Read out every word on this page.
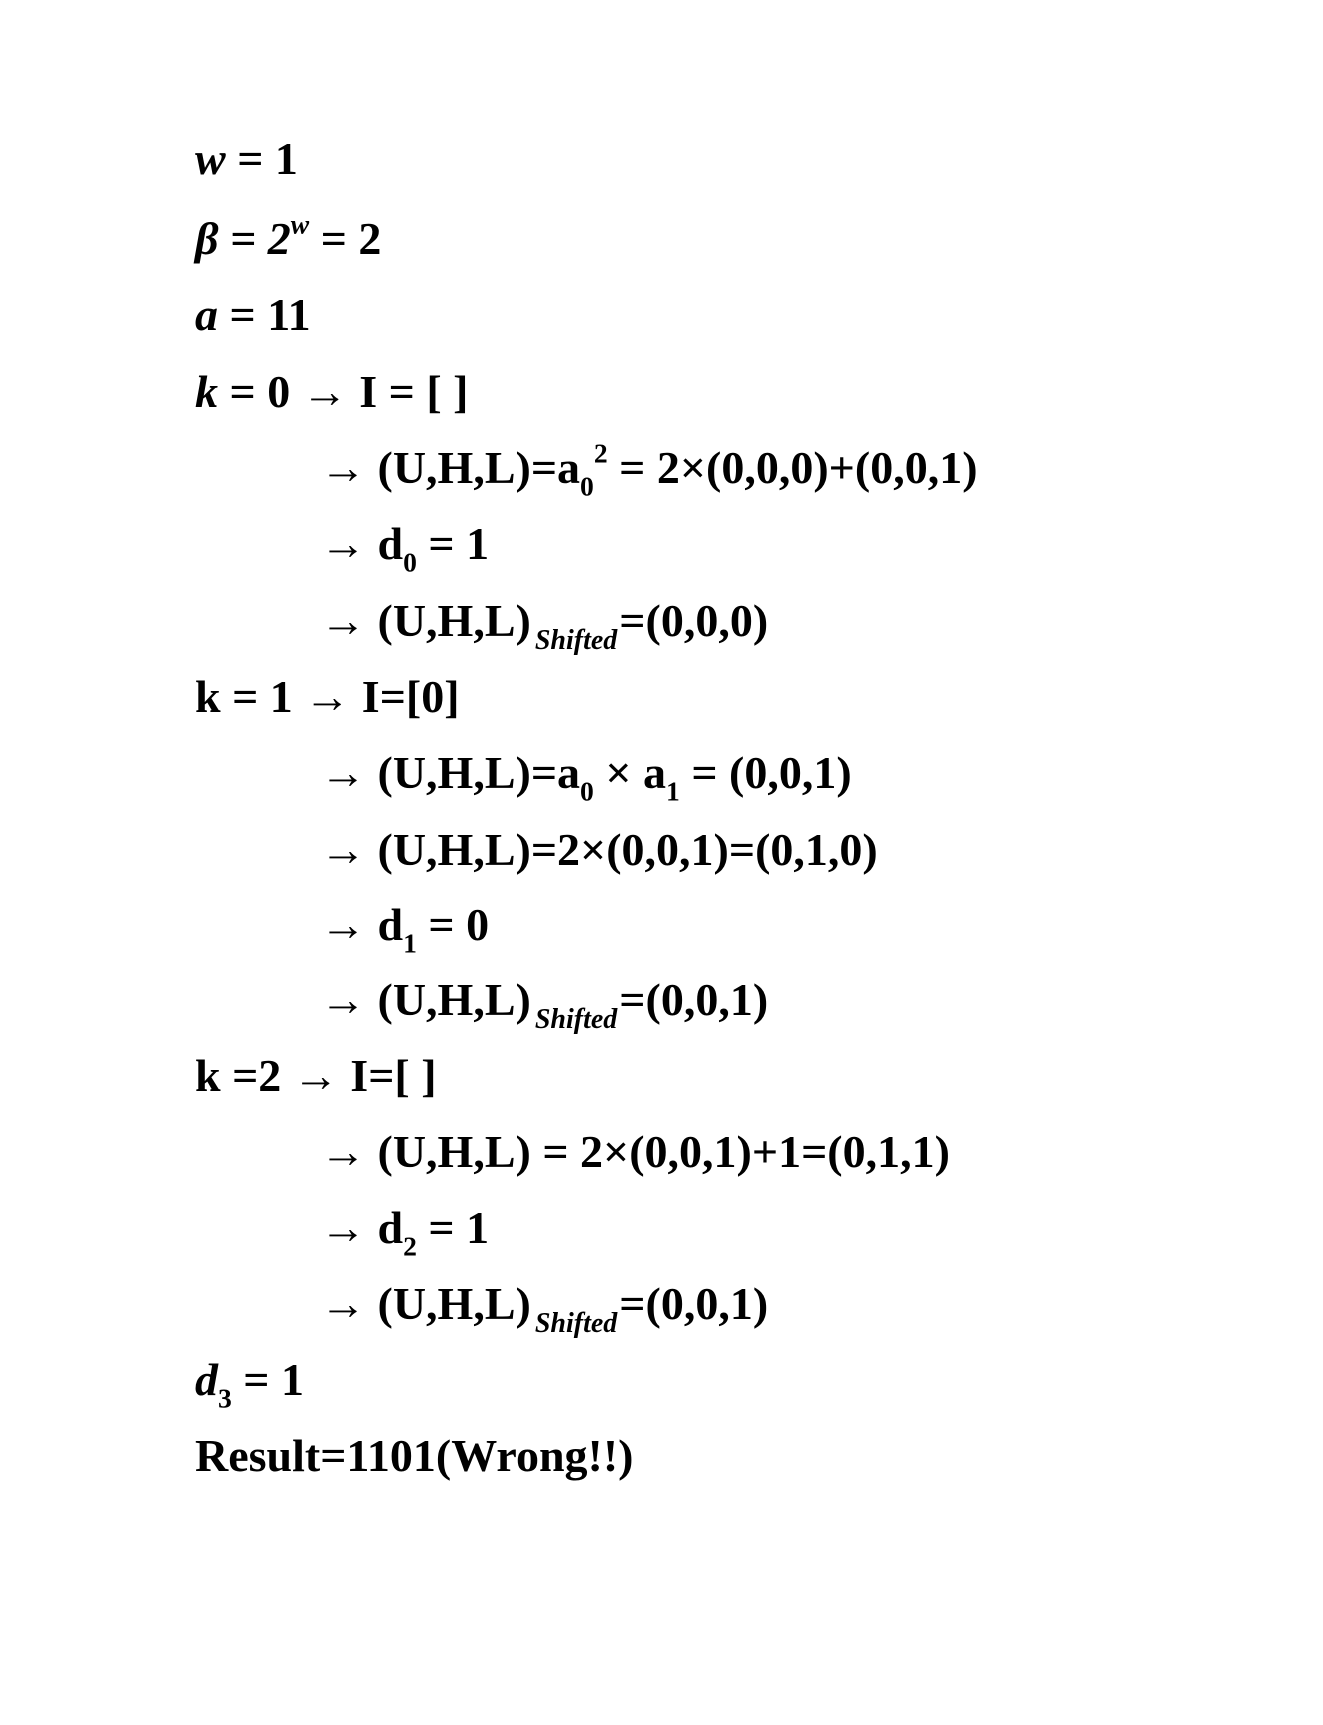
w = 1
$\beta = 2^w = 2$
a = 11
k = 0 → I = [ ]
→ $(U,H,L)=a_0^2 = 2\times(0,0,0)+(0,0,1)$
→ $d_0 = 1$
→ (U,H,L) $_{Shifted}$=(0,0,0)
k = 1 → I=[0]
→ $(U,H,L)=a_0 \times a_1 = (0,0,1)$
→ (U,H,L)=2×(0,0,1)=(0,1,0)
→ $d_1 = 0$
→ (U,H,L) $_{Shifted}$=(0,0,1)
k =2 → I=[ ]
→ (U,H,L) = 2×(0,0,1)+1=(0,1,1)
→ $d_2 = 1$
→ (U,H,L) $_{Shifted}$=(0,0,1)
$d_3 = 1$
Result=1101(Wrong!!)
